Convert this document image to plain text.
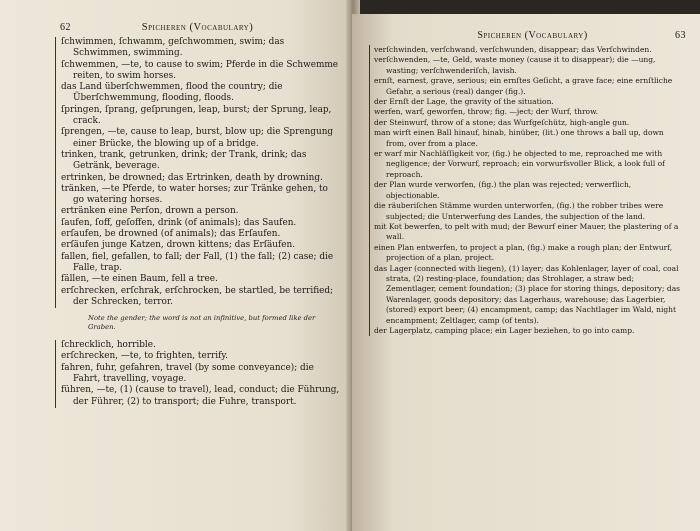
62	Spicheren (Vocabulary)

ſchwimmen, ſchwamm, geſchwommen, swim; das Schwimmen, swimming.

ſchwemmen, —te, to cause to swim; Pferde in die Schwemme reiten, to swim horses.

das Land überſchwemmen, flood the country; die Überſchwemmung, flooding, floods.

ſpringen, ſprang, geſprungen, leap, burst; der Sprung, leap, crack.

ſprengen, —te, cause to leap, burst, blow up; die Sprengung einer Brücke, the blowing up of a bridge.

trinken, trank, getrunken, drink; der Trank, drink; das Getränk, beverage.

ertrinken, be drowned; das Ertrinken, death by drowning.

tränken, —te Pferde, to water horses; zur Tränke gehen, to go watering horses.

ertränken eine Perſon, drown a person.

ſaufen, ſoff, geſoffen, drink (of animals); das Saufen.

erſaufen, be drowned (of animals); das Erſaufen.

erſäufen junge Katzen, drown kittens; das Erſäufen.

fallen, fiel, gefallen, to fall; der Fall, (1) the fall; (2) case; die Falle, trap.

fällen, —te einen Baum, fell a tree.

erſchrecken, erſchrak, erſchrocken, be startled, be terrified; der Schrecken, terror.

Note the gender; the word is not an infinitive, but formed like der Graben.

ſchrecklich, horrible.

erſchrecken, —te, to frighten, terrify.

fahren, fuhr, gefahren, travel (by some conveyance); die Fahrt, travelling, voyage.

führen, —te, (1) (cause to travel), lead, conduct; die Führung, der Führer, (2) to transport; die Fuhre, transport.

Spicheren (Vocabulary)	63

verſchwinden, verſchwand, verſchwunden, disappear; das Verſchwinden.

verſchwenden, —te, Geld, waste money (cause it to disappear); die —ung, wasting; verſchwenderiſch, lavish.

ernſt, earnest, grave, serious; ein ernſtes Geſicht, a grave face; eine ernſtliche Gefahr, a serious (real) danger (fig.).

der Ernſt der Lage, the gravity of the situation.

werfen, warf, geworfen, throw; fig. —ject; der Wurf, throw.

der Steinwurf, throw of a stone; das Wurfgeſchütz, high-angle gun.

man wirft einen Ball hinauf, hinab, hinüber, (lit.) one throws a ball up, down from, over from a place.

er warf mir Nachläſſigkeit vor, (fig.) he objected to me, reproached me with negligence; der Vorwurf, reproach; ein vorwurfsvoller Blick, a look full of reproach.

der Plan wurde verworfen, (fig.) the plan was rejected; verwerflich, objectionable.

die räuberiſchen Stämme wurden unterworfen, (fig.) the robber tribes were subjected; die Unterwerfung des Landes, the subjection of the land.

mit Kot bewerfen, to pelt with mud; der Bewurf einer Mauer, the plastering of a wall.

einen Plan entwerfen, to project a plan, (fig.) make a rough plan; der Entwurf, projection of a plan, project.

das Lager (connected with liegen), (1) layer; das Kohlenlager, layer of coal, coal strata, (2) resting-place, foundation; das Strohlager, a straw bed; Zementlager, cement foundation; (3) place for storing things, depository; das Warenlager, goods depository; das Lagerhaus, warehouse; das Lagerbier, (stored) export beer; (4) encampment, camp; das Nachtlager im Wald, night encampment; Zeltlager, camp (of tents).

der Lagerplatz, camping place; ein Lager beziehen, to go into camp.
